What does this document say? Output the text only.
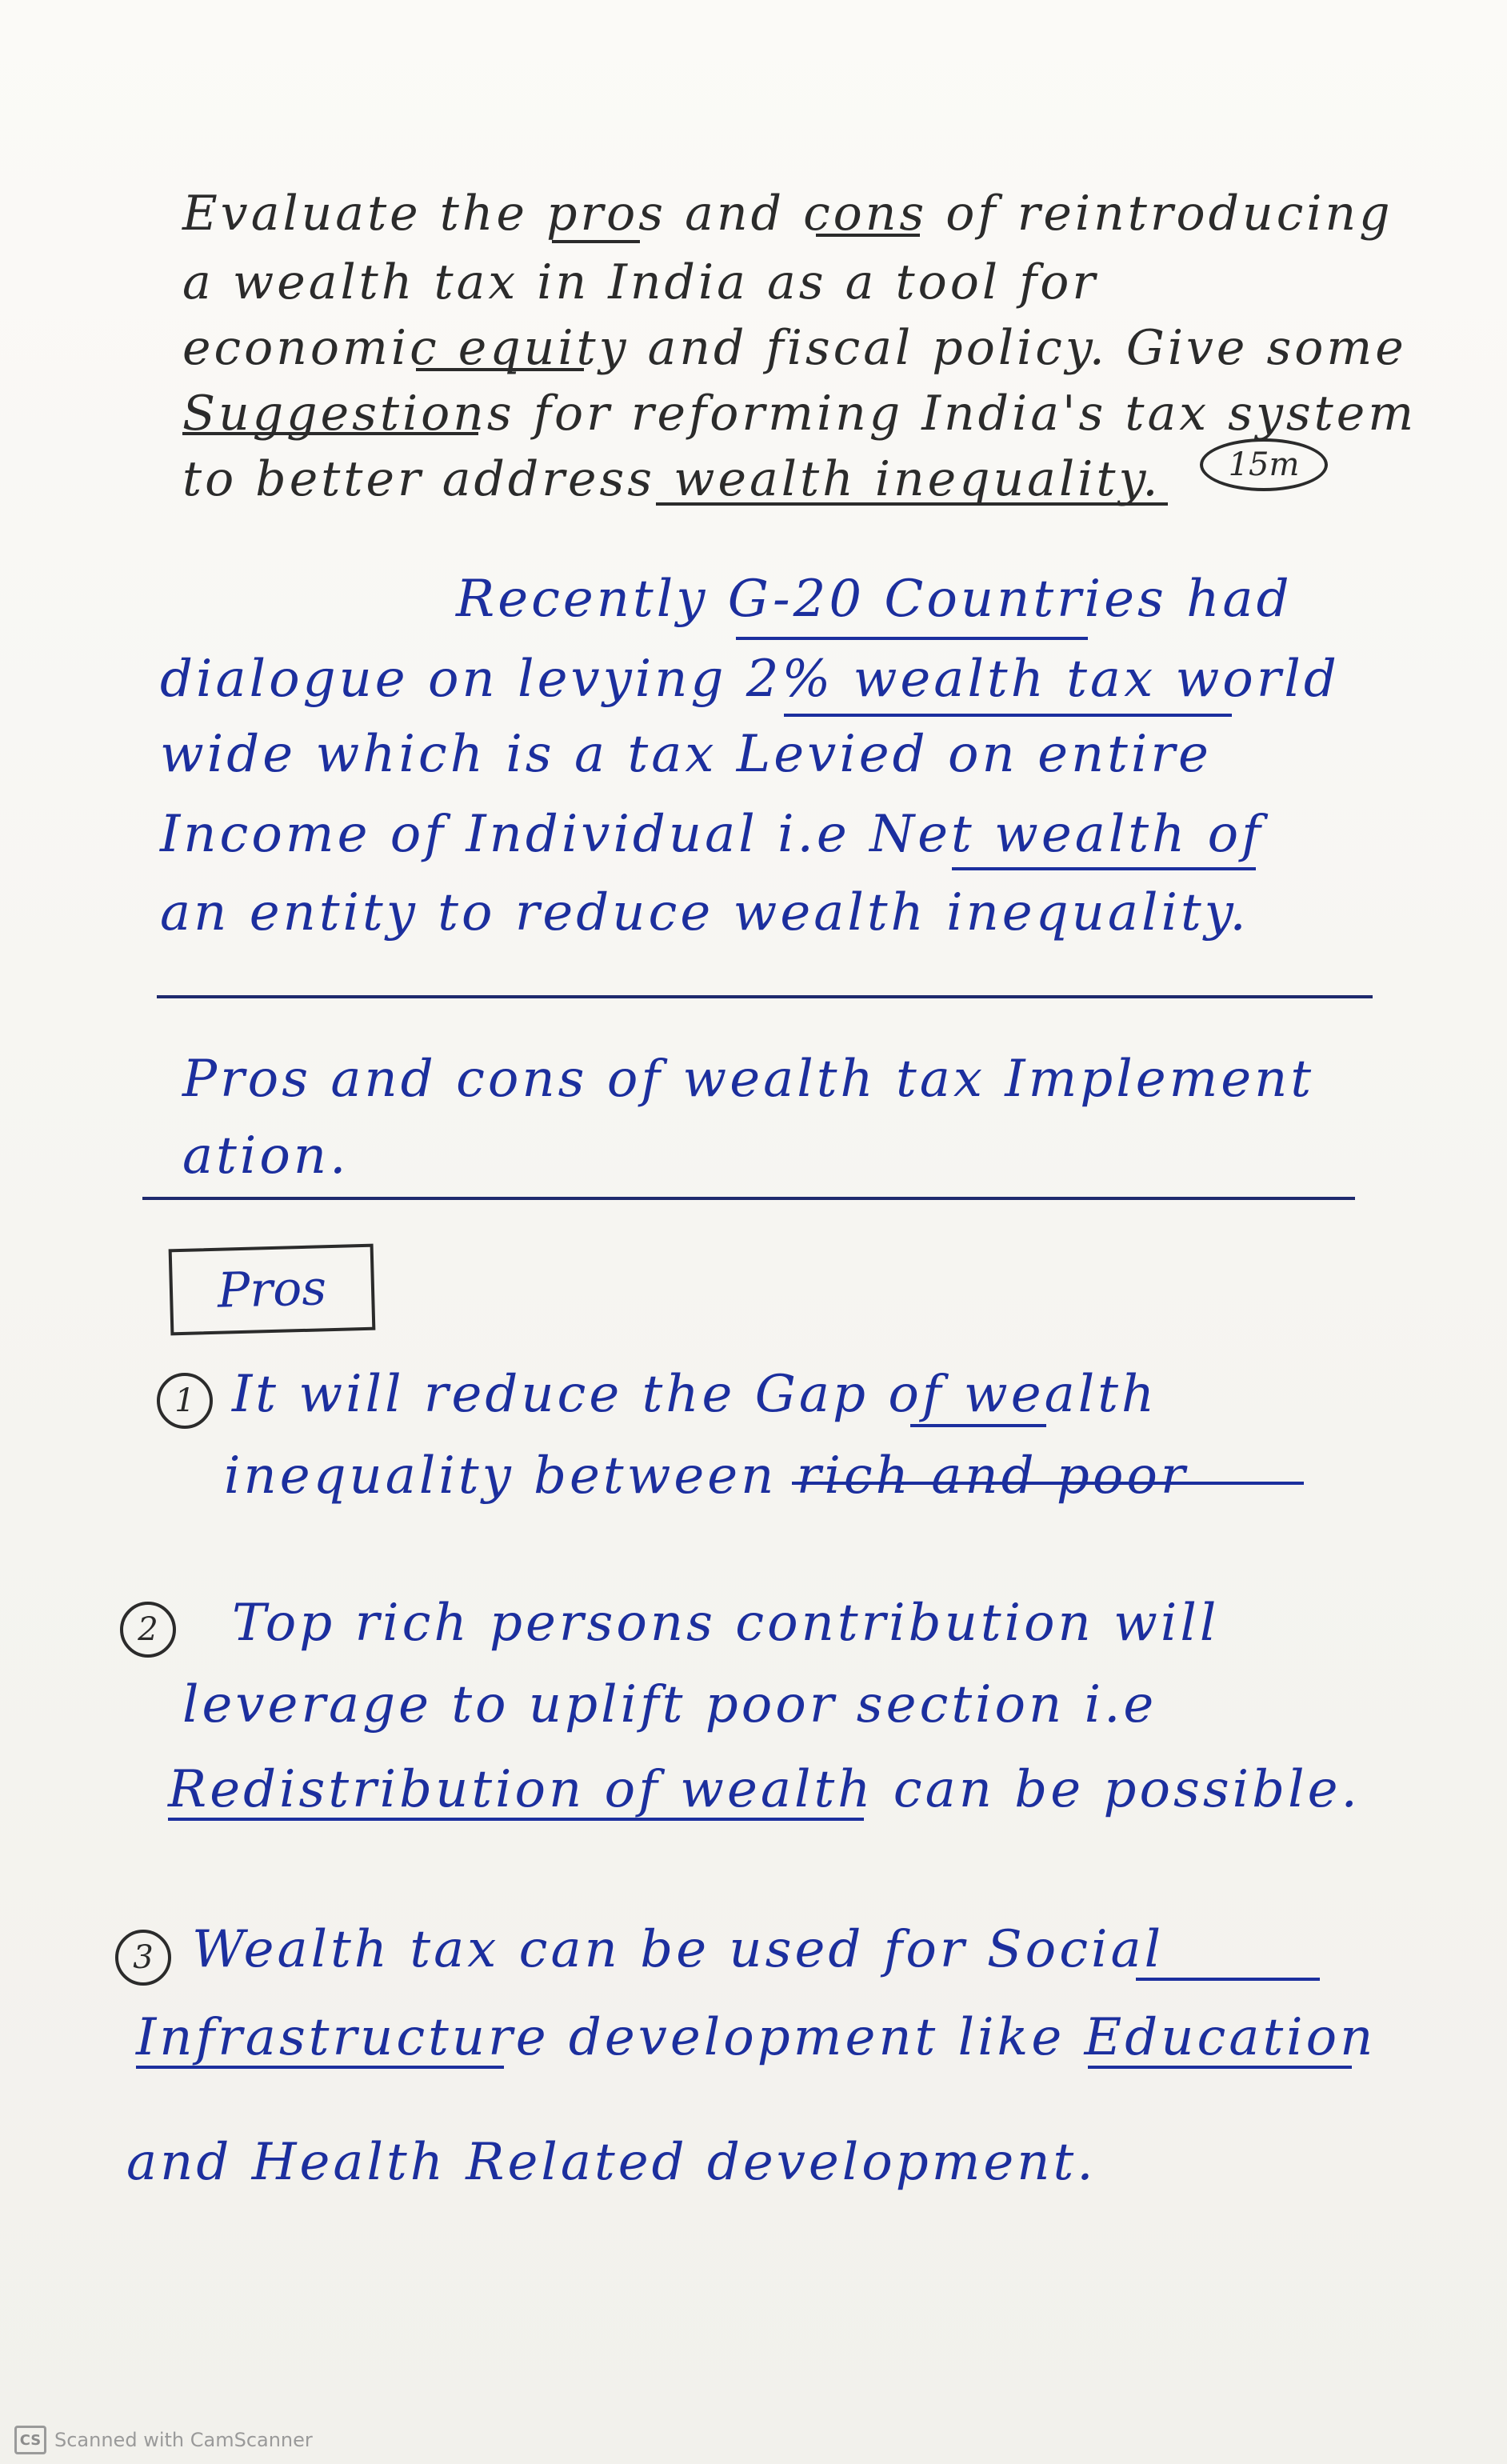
Evaluate the pros and cons of reintroducing
a wealth tax in India as a tool for
economic equity and fiscal policy. Give some
Suggestions for reforming India's tax system
to better address wealth inequality.	15m
Recently G-20 Countries had
dialogue on levying 2% wealth tax world
wide which is a tax Levied on entire
Income of Individual i.e Net wealth of
an entity to reduce wealth inequality.
Pros and cons of wealth tax Implement
ation.
Pros
1 It will reduce the Gap of wealth
inequality between rich and poor
2	Top rich persons contribution will
leverage to uplift poor section i.e
Redistribution of wealth can be possible.
3 Wealth tax can be used for Social
Infrastructure development like Education
and Health Related development.
CS Scanned with CamScanner
